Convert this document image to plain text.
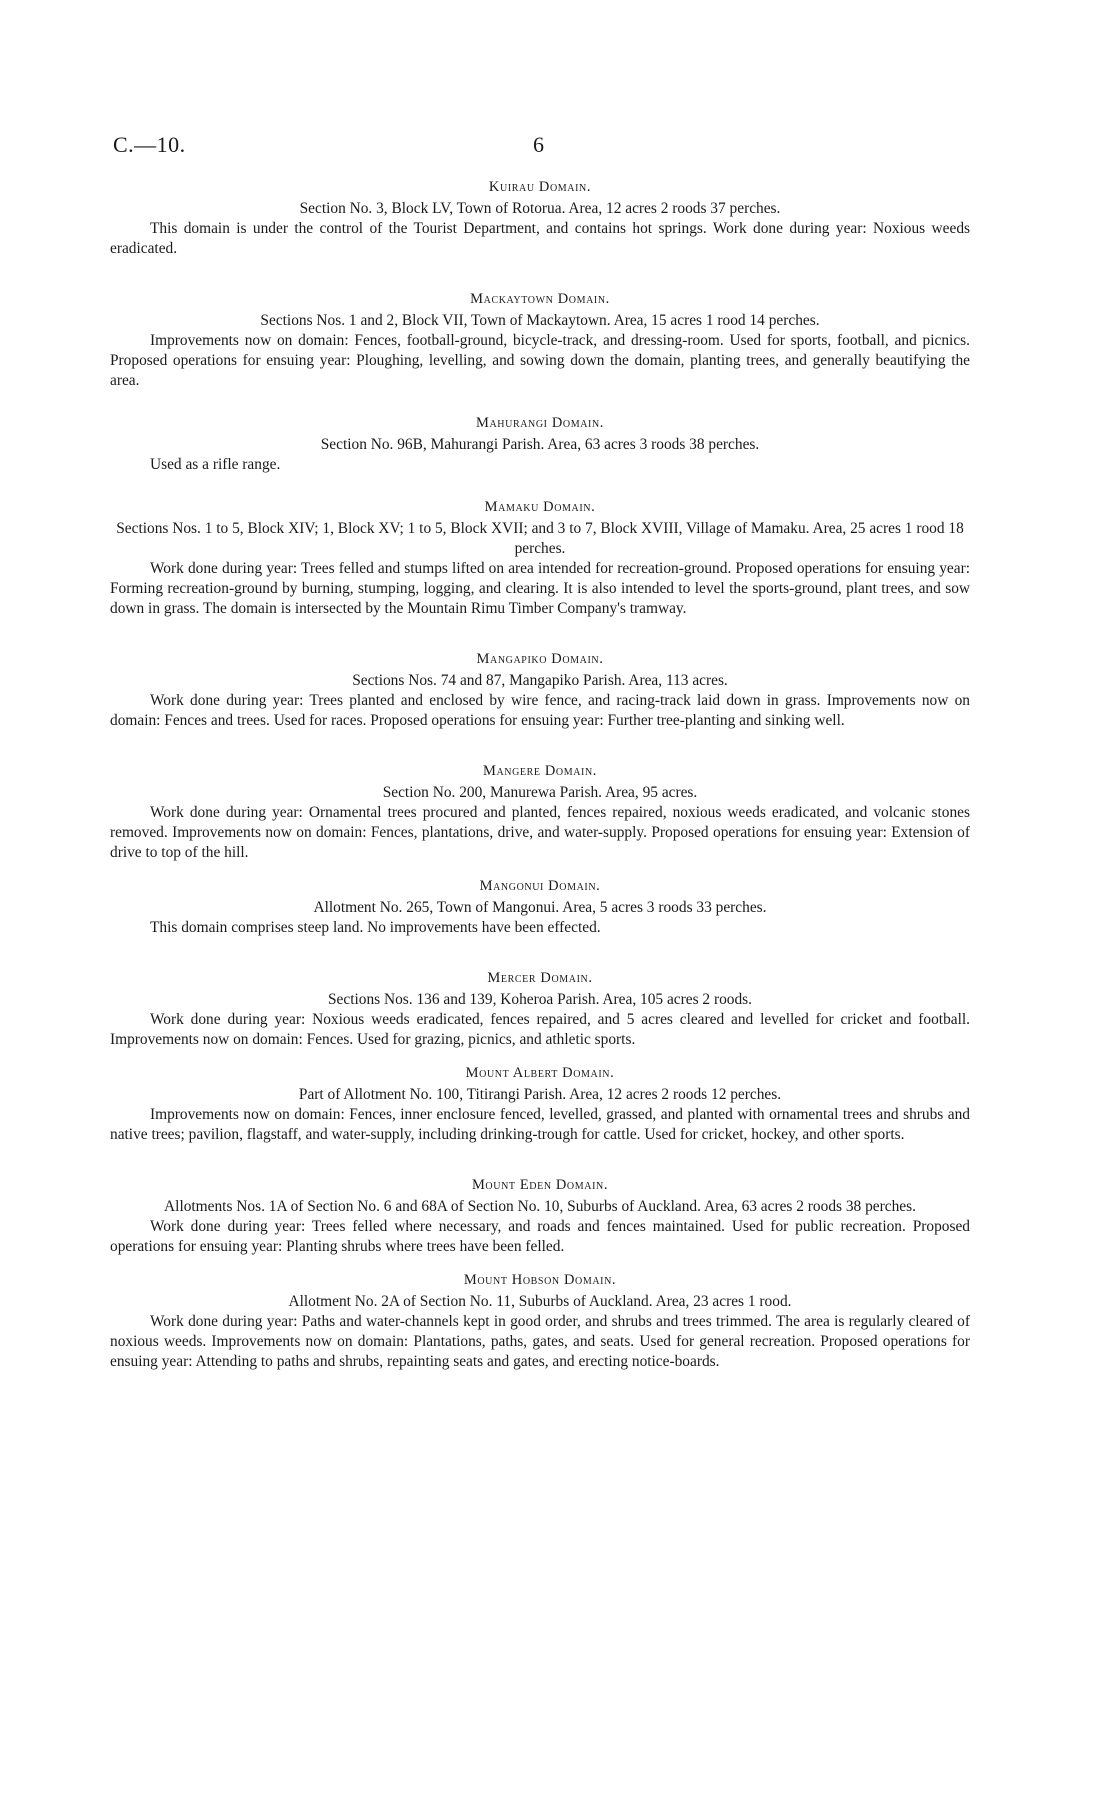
C.—10.	6
Kuirau Domain.

Section No. 3, Block LV, Town of Rotorua. Area, 12 acres 2 roods 37 perches.

This domain is under the control of the Tourist Department, and contains hot springs. Work done during year: Noxious weeds eradicated.

Mackaytown Domain.

Sections Nos. 1 and 2, Block VII, Town of Mackaytown. Area, 15 acres 1 rood 14 perches.

Improvements now on domain: Fences, football-ground, bicycle-track, and dressing-room. Used for sports, football, and picnics. Proposed operations for ensuing year: Ploughing, levelling, and sowing down the domain, planting trees, and generally beautifying the area.

Mahurangi Domain.

Section No. 96B, Mahurangi Parish. Area, 63 acres 3 roods 38 perches.

Used as a rifle range.

Mamaku Domain.

Sections Nos. 1 to 5, Block XIV; 1, Block XV; 1 to 5, Block XVII; and 3 to 7, Block XVIII, Village of Mamaku. Area, 25 acres 1 rood 18 perches.

Work done during year: Trees felled and stumps lifted on area intended for recreation-ground. Proposed operations for ensuing year: Forming recreation-ground by burning, stumping, logging, and clearing. It is also intended to level the sports-ground, plant trees, and sow down in grass. The domain is intersected by the Mountain Rimu Timber Company's tramway.

Mangapiko Domain.

Sections Nos. 74 and 87, Mangapiko Parish. Area, 113 acres.

Work done during year: Trees planted and enclosed by wire fence, and racing-track laid down in grass. Improvements now on domain: Fences and trees. Used for races. Proposed operations for ensuing year: Further tree-planting and sinking well.

Mangere Domain.

Section No. 200, Manurewa Parish. Area, 95 acres.

Work done during year: Ornamental trees procured and planted, fences repaired, noxious weeds eradicated, and volcanic stones removed. Improvements now on domain: Fences, plantations, drive, and water-supply. Proposed operations for ensuing year: Extension of drive to top of the hill.

Mangonui Domain.

Allotment No. 265, Town of Mangonui. Area, 5 acres 3 roods 33 perches.

This domain comprises steep land. No improvements have been effected.

Mercer Domain.

Sections Nos. 136 and 139, Koheroa Parish. Area, 105 acres 2 roods.

Work done during year: Noxious weeds eradicated, fences repaired, and 5 acres cleared and levelled for cricket and football. Improvements now on domain: Fences. Used for grazing, picnics, and athletic sports.

Mount Albert Domain.

Part of Allotment No. 100, Titirangi Parish. Area, 12 acres 2 roods 12 perches.

Improvements now on domain: Fences, inner enclosure fenced, levelled, grassed, and planted with ornamental trees and shrubs and native trees; pavilion, flagstaff, and water-supply, including drinking-trough for cattle. Used for cricket, hockey, and other sports.

Mount Eden Domain.

Allotments Nos. 1A of Section No. 6 and 68A of Section No. 10, Suburbs of Auckland. Area, 63 acres 2 roods 38 perches.

Work done during year: Trees felled where necessary, and roads and fences maintained. Used for public recreation. Proposed operations for ensuing year: Planting shrubs where trees have been felled.

Mount Hobson Domain.

Allotment No. 2A of Section No. 11, Suburbs of Auckland. Area, 23 acres 1 rood.

Work done during year: Paths and water-channels kept in good order, and shrubs and trees trimmed. The area is regularly cleared of noxious weeds. Improvements now on domain: Plantations, paths, gates, and seats. Used for general recreation. Proposed operations for ensuing year: Attending to paths and shrubs, repainting seats and gates, and erecting notice-boards.
